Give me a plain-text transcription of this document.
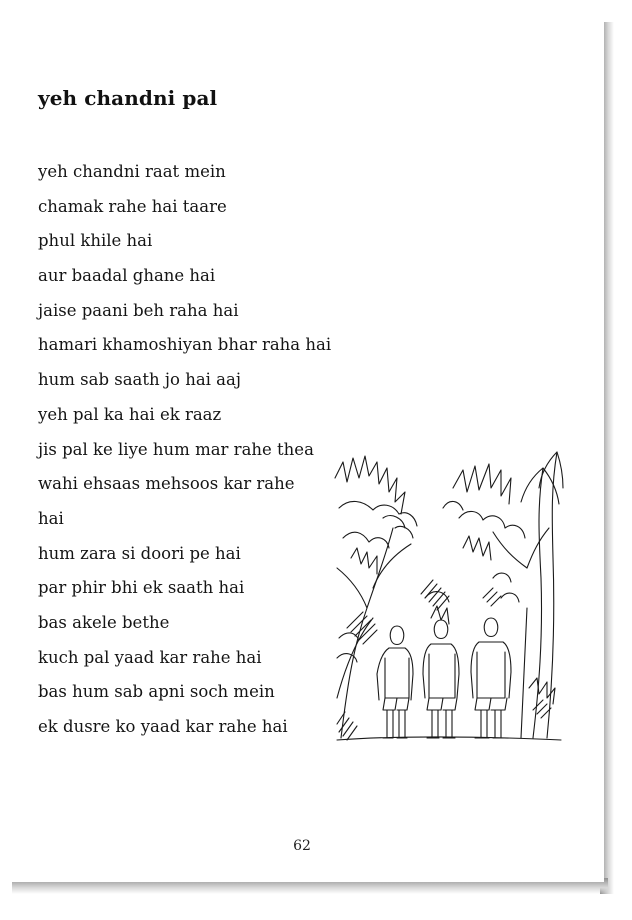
yeh chandni pal
yeh chandni raat mein
chamak rahe hai taare
phul khile hai
aur baadal ghane hai
jaise paani beh raha hai
hamari khamoshiyan bhar raha hai
hum sab saath jo hai aaj
yeh pal ka hai ek raaz
jis pal ke liye hum mar rahe thea
wahi ehsaas mehsoos kar rahe
hai
hum zara si doori pe hai
par phir bhi ek saath hai
bas akele bethe
kuch pal yaad kar rahe hai
bas hum sab apni soch mein
ek dusre ko yaad kar rahe hai
62
